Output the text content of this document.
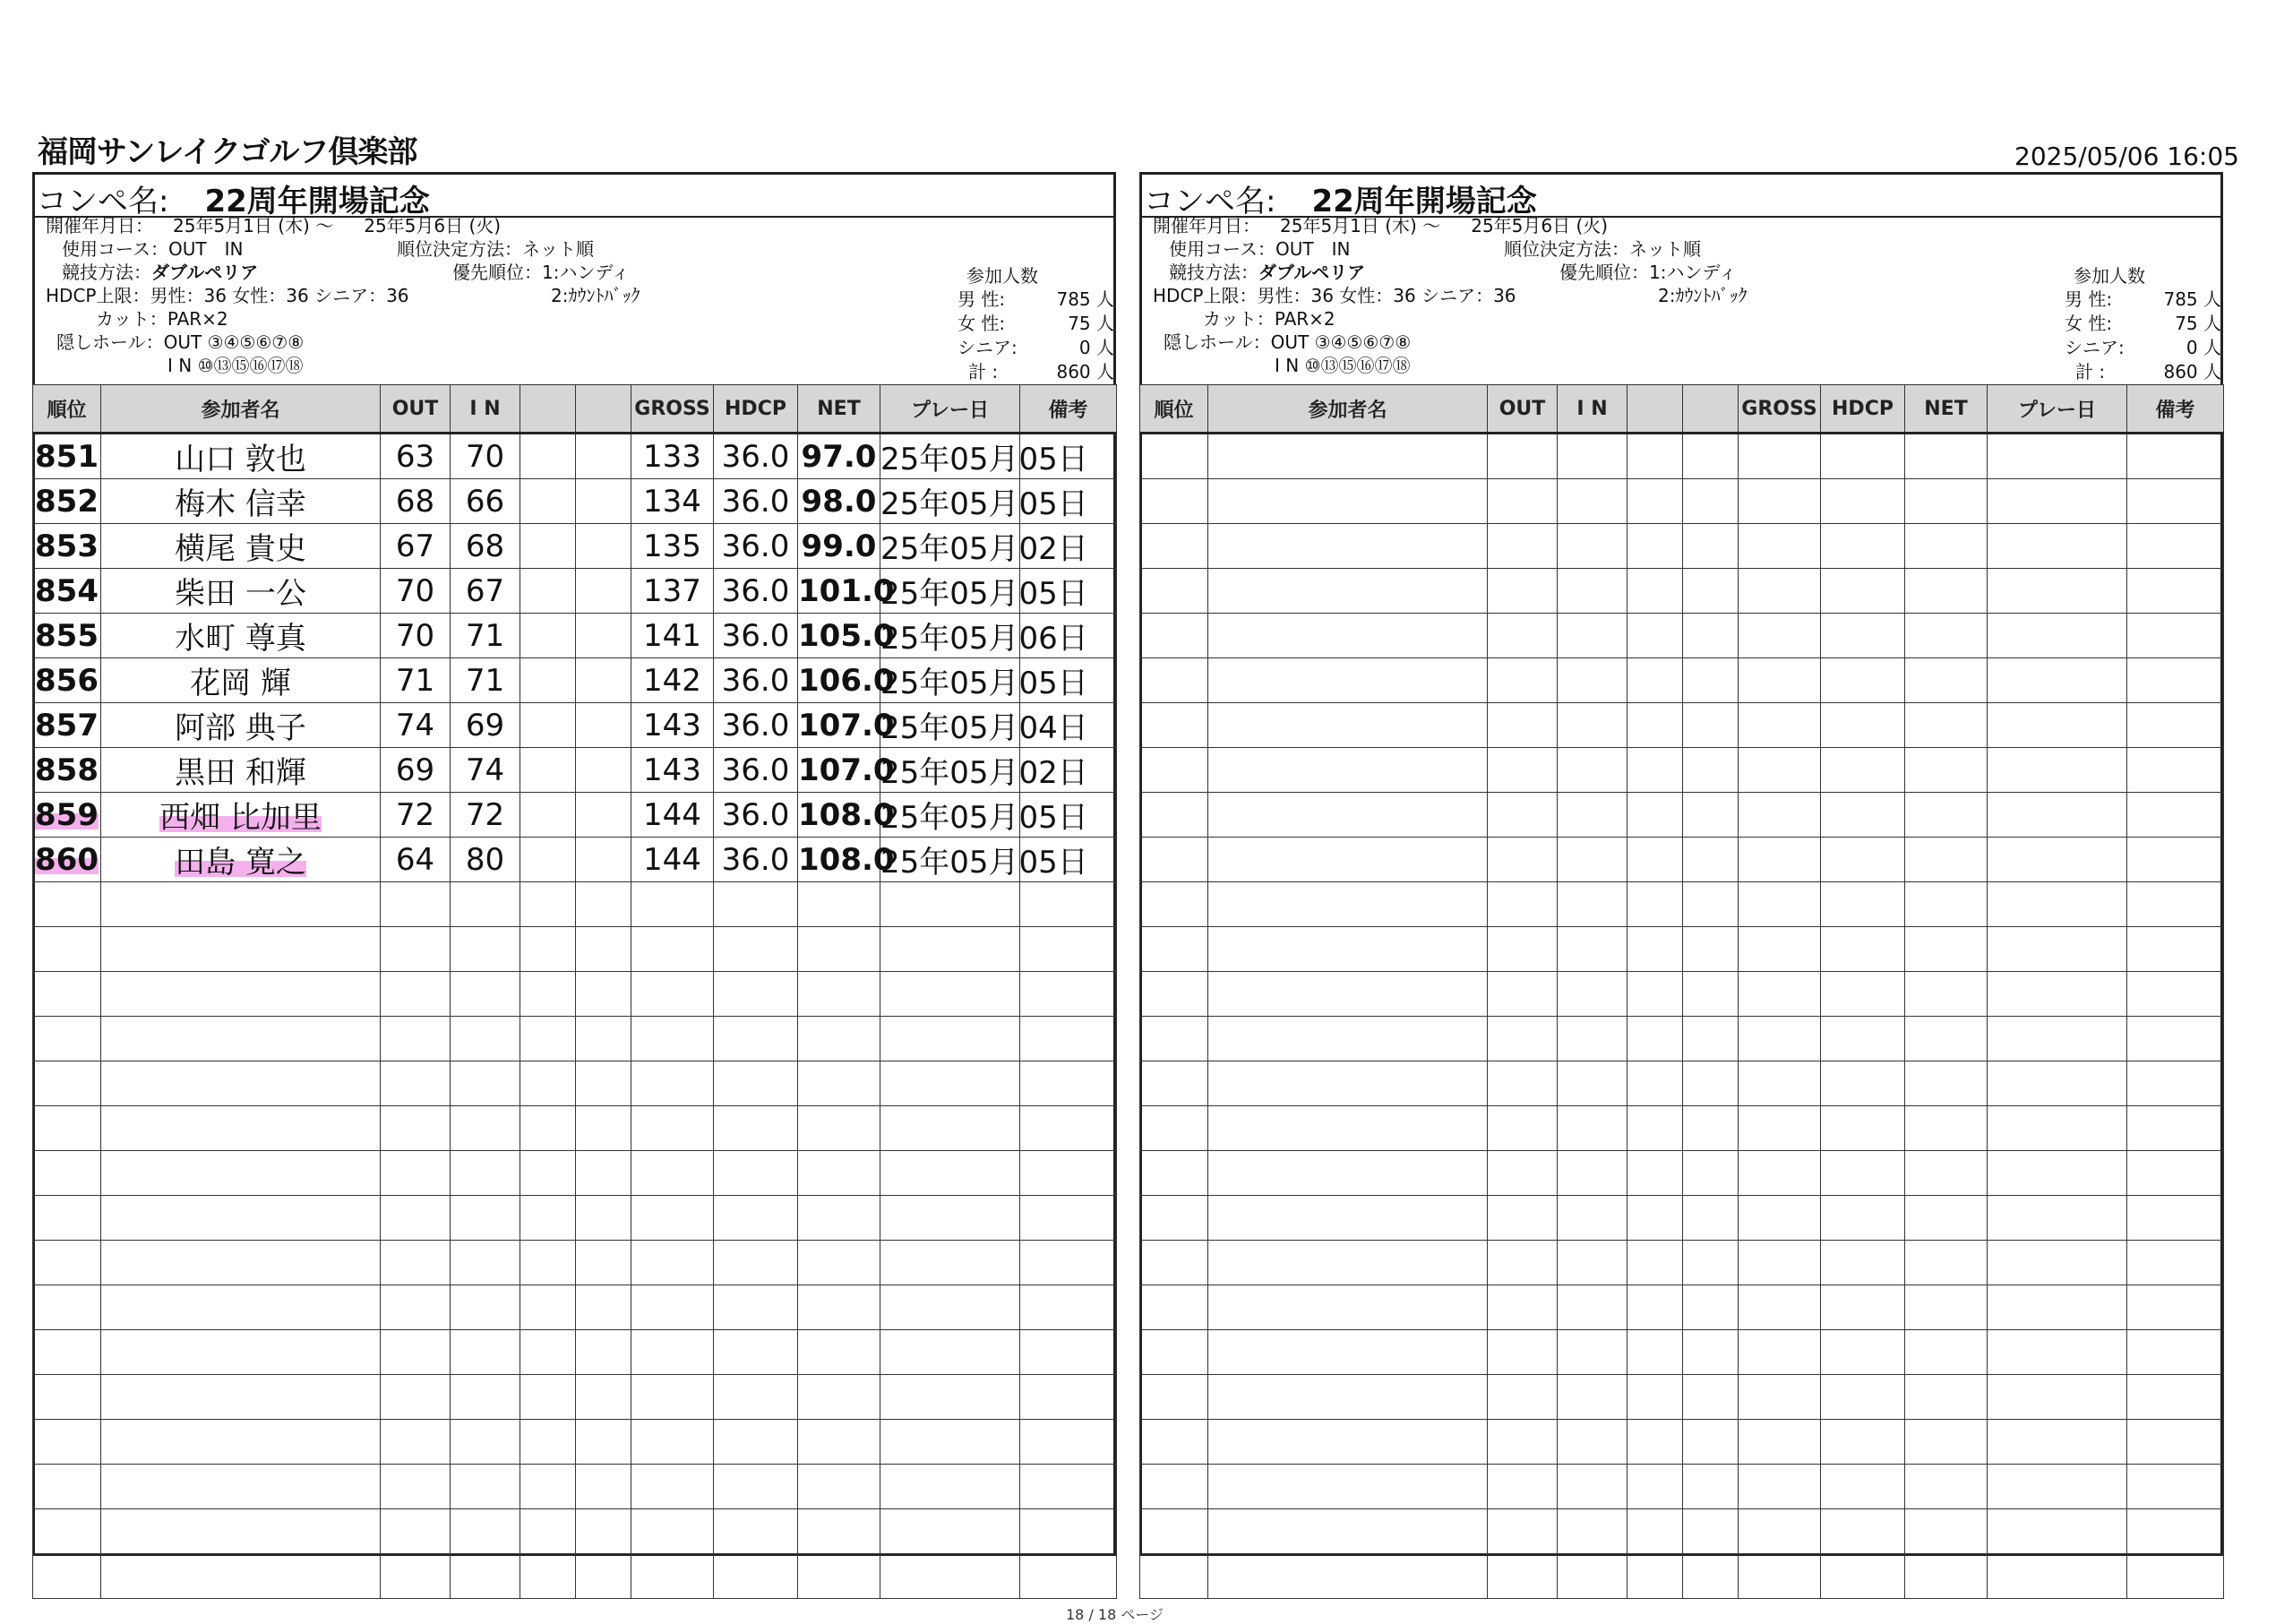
福岡サンレイクゴルフ倶楽部	2025/05/06 16:05
コンペ名: 22周年開場記念
開催年月日： 25年5月1日 (木) ～ 25年5月6日 (火)
使用コース：OUT　IN
競技方法：ダブルペリア
HDCP上限：男性：36 女性：36 シニア：36
カット：PAR×2
隠しホール：OUT ③④⑤⑥⑦⑧
I N ⑩⑬⑮⑯⑰⑱
順位決定方法：ネット順
優先順位：1:ハンディ
2:ｶｳﾝﾄﾊﾞｯｸ
参加人数
男 性:	785 人
女 性:	75 人
シニア:	0 人
計 :	860 人
順位	参加者名	OUT	I N			GROSS	HDCP	NET	プレー日	備考
851	山口 敦也	63	70			133	36.0	97.0	25年05月05日	
852	梅木 信幸	68	66			134	36.0	98.0	25年05月05日	
853	横尾 貴史	67	68			135	36.0	99.0	25年05月02日	
854	柴田 一公	70	67			137	36.0	101.0	25年05月05日	
855	水町 尊真	70	71			141	36.0	105.0	25年05月06日	
856	花岡 輝	71	71			142	36.0	106.0	25年05月05日	
857	阿部 典子	74	69			143	36.0	107.0	25年05月04日	
858	黒田 和輝	69	74			143	36.0	107.0	25年05月02日	
859	西畑 比加里	72	72			144	36.0	108.0	25年05月05日	
860	田島 寛之	64	80			144	36.0	108.0	25年05月05日	

コンペ名: 22周年開場記念
開催年月日： 25年5月1日 (木) ～ 25年5月6日 (火)
使用コース：OUT　IN
競技方法：ダブルペリア
HDCP上限：男性：36 女性：36 シニア：36
カット：PAR×2
隠しホール：OUT ③④⑤⑥⑦⑧
I N ⑩⑬⑮⑯⑰⑱
順位決定方法：ネット順
優先順位：1:ハンディ
2:ｶｳﾝﾄﾊﾞｯｸ
参加人数
男 性:	785 人
女 性:	75 人
シニア:	0 人
計 :	860 人
順位	参加者名	OUT	I N			GROSS	HDCP	NET	プレー日	備考

18 / 18 ページ
